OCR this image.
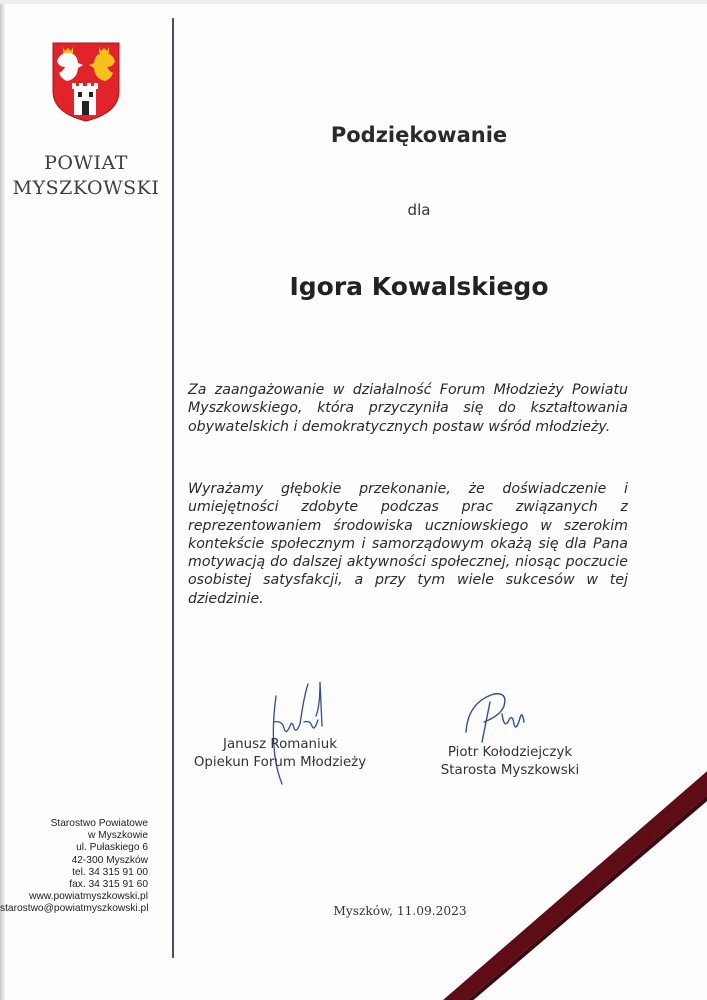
POWIAT
MYSZKOWSKI
Starostwo Powiatowe
w Myszkowie
ul. Pułaskiego 6
42-300 Myszków
tel. 34 315 91 00
fax. 34 315 91 60
www.powiatmyszkowski.pl
starostwo@powiatmyszkowski.pl
Podziękowanie
dla
Igora Kowalskiego
Za zaangażowanie w działalność Forum Młodzieży Powiatu Myszkowskiego, która przyczyniła się do kształtowania obywatelskich i demokratycznych postaw wśród młodzieży.
Wyrażamy głębokie przekonanie, że doświadczenie i umiejętności zdobyte podczas prac związanych z reprezentowaniem środowiska uczniowskiego w szerokim kontekście społecznym i samorządowym okażą się dla Pana motywacją do dalszej aktywności społecznej, niosąc poczucie osobistej satysfakcji, a przy tym wiele sukcesów w tej dziedzinie.
Janusz Romaniuk
Opiekun Forum Młodzieży
Piotr Kołodziejczyk
Starosta Myszkowski
Myszków, 11.09.2023
